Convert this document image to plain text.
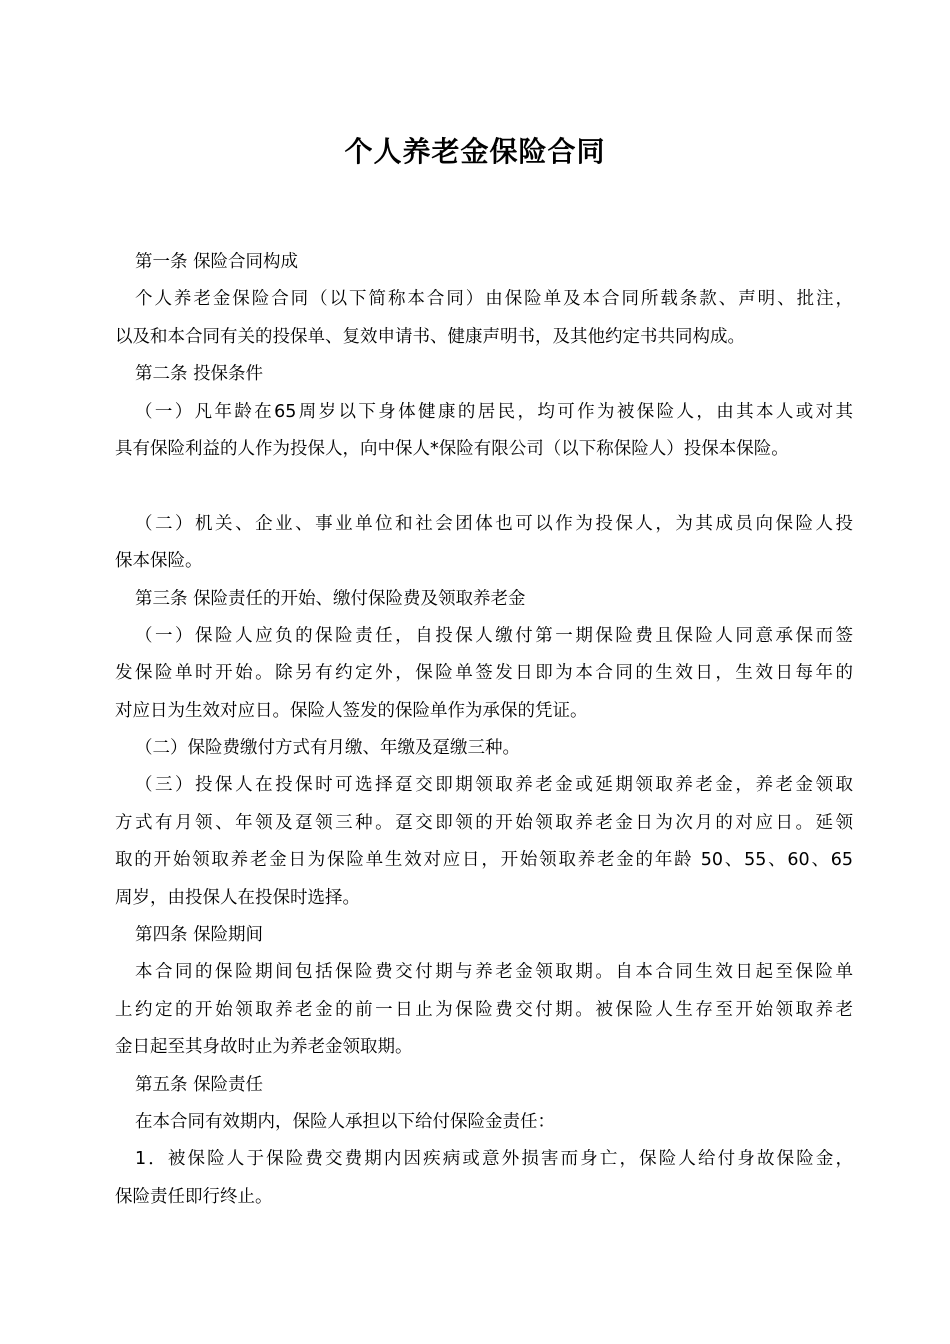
个人养老金保险合同
第一条 保险合同构成
个人养老金保险合同（以下简称本合同）由保险单及本合同所载条款、声明、批注，
以及和本合同有关的投保单、复效申请书、健康声明书，及其他约定书共同构成。
第二条 投保条件
（一）凡年龄在65周岁以下身体健康的居民，均可作为被保险人，由其本人或对其
具有保险利益的人作为投保人，向中保人*保险有限公司（以下称保险人）投保本保险。
（二）机关、企业、事业单位和社会团体也可以作为投保人，为其成员向保险人投
保本保险。
第三条 保险责任的开始、缴付保险费及领取养老金
（一）保险人应负的保险责任，自投保人缴付第一期保险费且保险人同意承保而签
发保险单时开始。除另有约定外，保险单签发日即为本合同的生效日，生效日每年的
对应日为生效对应日。保险人签发的保险单作为承保的凭证。
（二）保险费缴付方式有月缴、年缴及趸缴三种。
（三）投保人在投保时可选择趸交即期领取养老金或延期领取养老金，养老金领取
方式有月领、年领及趸领三种。趸交即领的开始领取养老金日为次月的对应日。延领
取的开始领取养老金日为保险单生效对应日，开始领取养老金的年龄 50、55、60、65
周岁，由投保人在投保时选择。
第四条 保险期间
本合同的保险期间包括保险费交付期与养老金领取期。自本合同生效日起至保险单
上约定的开始领取养老金的前一日止为保险费交付期。被保险人生存至开始领取养老
金日起至其身故时止为养老金领取期。
第五条 保险责任
在本合同有效期内，保险人承担以下给付保险金责任：
1．被保险人于保险费交费期内因疾病或意外损害而身亡，保险人给付身故保险金，
保险责任即行终止。
